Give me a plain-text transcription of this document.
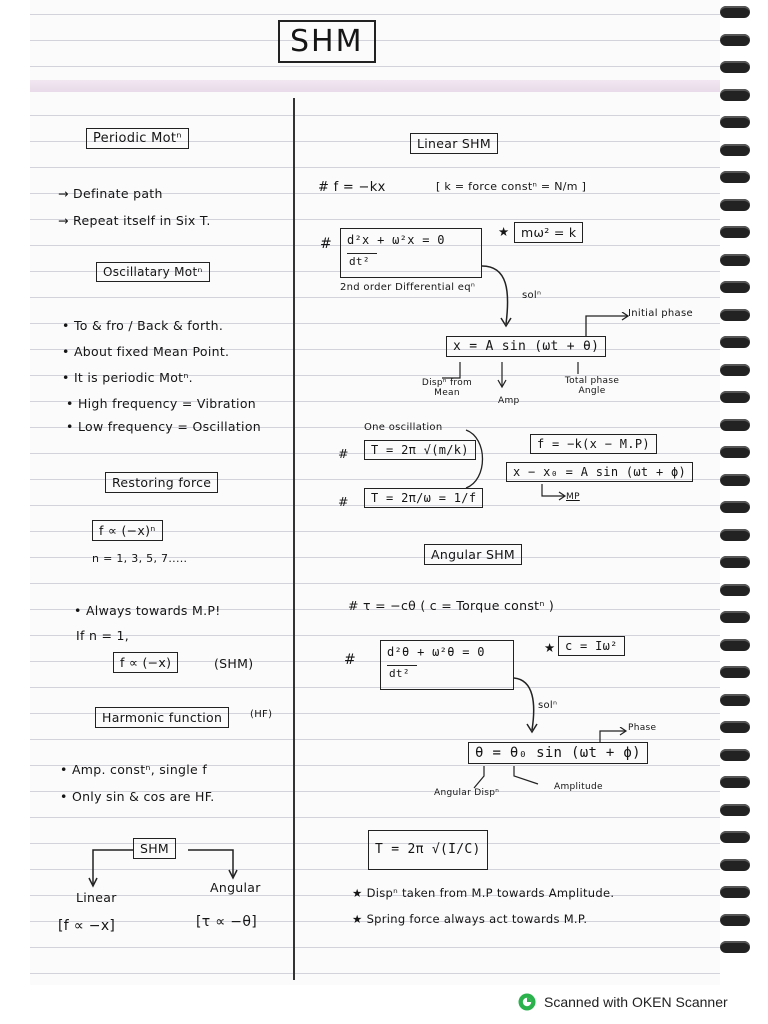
SHM
Periodic Motⁿ
→ Definate path
→ Repeat itself in Six T.
Oscillatary Motⁿ
• To & fro / Back & forth.
• About fixed Mean Point.
• It is periodic Motⁿ.
• High frequency = Vibration
• Low frequency = Oscillation
Restoring force
f ∝ (−x)ⁿ
n = 1, 3, 5, 7.....
• Always towards M.P!
If n = 1,
f ∝ (−x)	(SHM)
Harmonic function	(HF)
• Amp. constⁿ, single f
• Only sin & cos are HF.
SHM
Linear
Angular
[f ∝ −x]	[τ ∝ −θ]
Linear SHM
# f = −kx	[ k = force constⁿ = N/m ]
# d²x + ω²x = 0
dt²
★ mω² = k
2nd order Differential eqⁿ
solⁿ
Initial phase
x = A sin (ωt + θ)
Dispⁿ from Mean
Amp
Total phase Angle
One oscillation
#	T = 2π √(m/k)
#	T = 2π/ω = 1/f
f = −k(x − M.P)
x − x₀ = A sin (ωt + ϕ)
MP
Angular SHM
# τ = −cθ ( c = Torque constⁿ )
#	d²θ + ω²θ = 0
dt²
★ c = Iω²
solⁿ
Phase
θ = θ₀ sin (ωt + ϕ)
Angular Dispⁿ
Amplitude
T = 2π √(I/C)
★ Dispⁿ taken from M.P towards Amplitude.
★ Spring force always act towards M.P.
Scanned with OKEN Scanner
